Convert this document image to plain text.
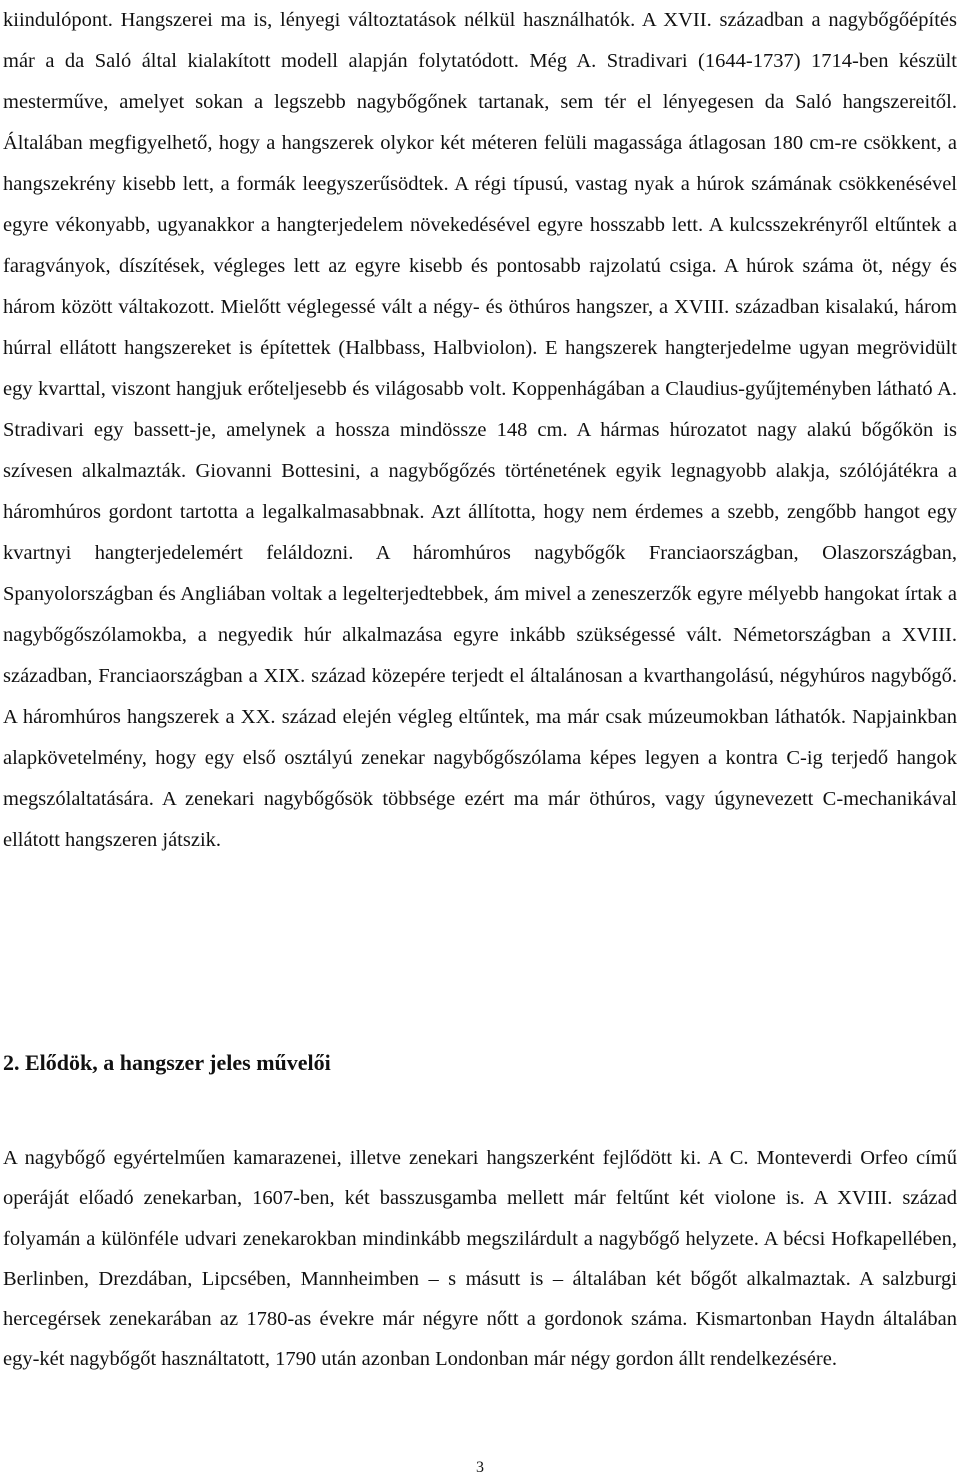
kiindulópont. Hangszerei ma is, lényegi változtatások nélkül használhatók. A XVII. században a nagybőgőépítés már a da Saló által kialakított modell alapján folytatódott. Még A. Stradivari (1644-1737) 1714-ben készült mesterműve, amelyet sokan a legszebb nagybőgőnek tartanak, sem tér el lényegesen da Saló hangszereitől. Általában megfigyelhető, hogy a hangszerek olykor két méteren felüli magassága átlagosan 180 cm-re csökkent, a hangszekrény kisebb lett, a formák leegyszerűsödtek. A régi típusú, vastag nyak a húrok számának csökkenésével egyre vékonyabb, ugyanakkor a hangterjedelem növekedésével egyre hosszabb lett. A kulcsszekrényről eltűntek a faragványok, díszítések, végleges lett az egyre kisebb és pontosabb rajzolatú csiga. A húrok száma öt, négy és három között váltakozott. Mielőtt véglegessé vált a négy- és öthúros hangszer, a XVIII. században kisalakú, három húrral ellátott hangszereket is építettek (Halbbass, Halbviolon). E hangszerek hangterjedelme ugyan megrövidült egy kvarttal, viszont hangjuk erőteljesebb és világosabb volt. Koppenhágában a Claudius-gyűjteményben látható A. Stradivari egy bassett-je, amelynek a hossza mindössze 148 cm. A hármas húrozatot nagy alakú bőgőkön is szívesen alkalmazták. Giovanni Bottesini, a nagybőgőzés történetének egyik legnagyobb alakja, szólójátékra a háromhúros gordont tartotta a legalkalmasabbnak. Azt állította, hogy nem érdemes a szebb, zengőbb hangot egy kvartnyi hangterjedelemért feláldozni. A háromhúros nagybőgők Franciaországban, Olaszországban, Spanyolországban és Angliában voltak a legelterjedtebbek, ám mivel a zeneszerzők egyre mélyebb hangokat írtak a nagybőgőszólamokba, a negyedik húr alkalmazása egyre inkább szükségessé vált. Németországban a XVIII. században, Franciaországban a XIX. század közepére terjedt el általánosan a kvarthangolású, négyhúros nagybőgő. A háromhúros hangszerek a XX. század elején végleg eltűntek, ma már csak múzeumokban láthatók. Napjainkban alapkövetelmény, hogy egy első osztályú zenekar nagybőgőszólama képes legyen a kontra C-ig terjedő hangok megszólaltatására. A zenekari nagybőgősök többsége ezért ma már öthúros, vagy úgynevezett C-mechanikával ellátott hangszeren játszik.

2. Elődök, a hangszer jeles művelői

A nagybőgő egyértelműen kamarazenei, illetve zenekari hangszerként fejlődött ki. A C. Monteverdi Orfeo című operáját előadó zenekarban, 1607-ben, két basszusgamba mellett már feltűnt két violone is. A XVIII. század folyamán a különféle udvari zenekarokban mindinkább megszilárdult a nagybőgő helyzete. A bécsi Hofkapellében, Berlinben, Drezdában, Lipcsében, Mannheimben – s másutt is – általában két bőgőt alkalmaztak. A salzburgi hercegérsek zenekarában az 1780-as évekre már négyre nőtt a gordonok száma. Kismartonban Haydn általában egy-két nagybőgőt használtatott, 1790 után azonban Londonban már négy gordon állt rendelkezésére.

3
